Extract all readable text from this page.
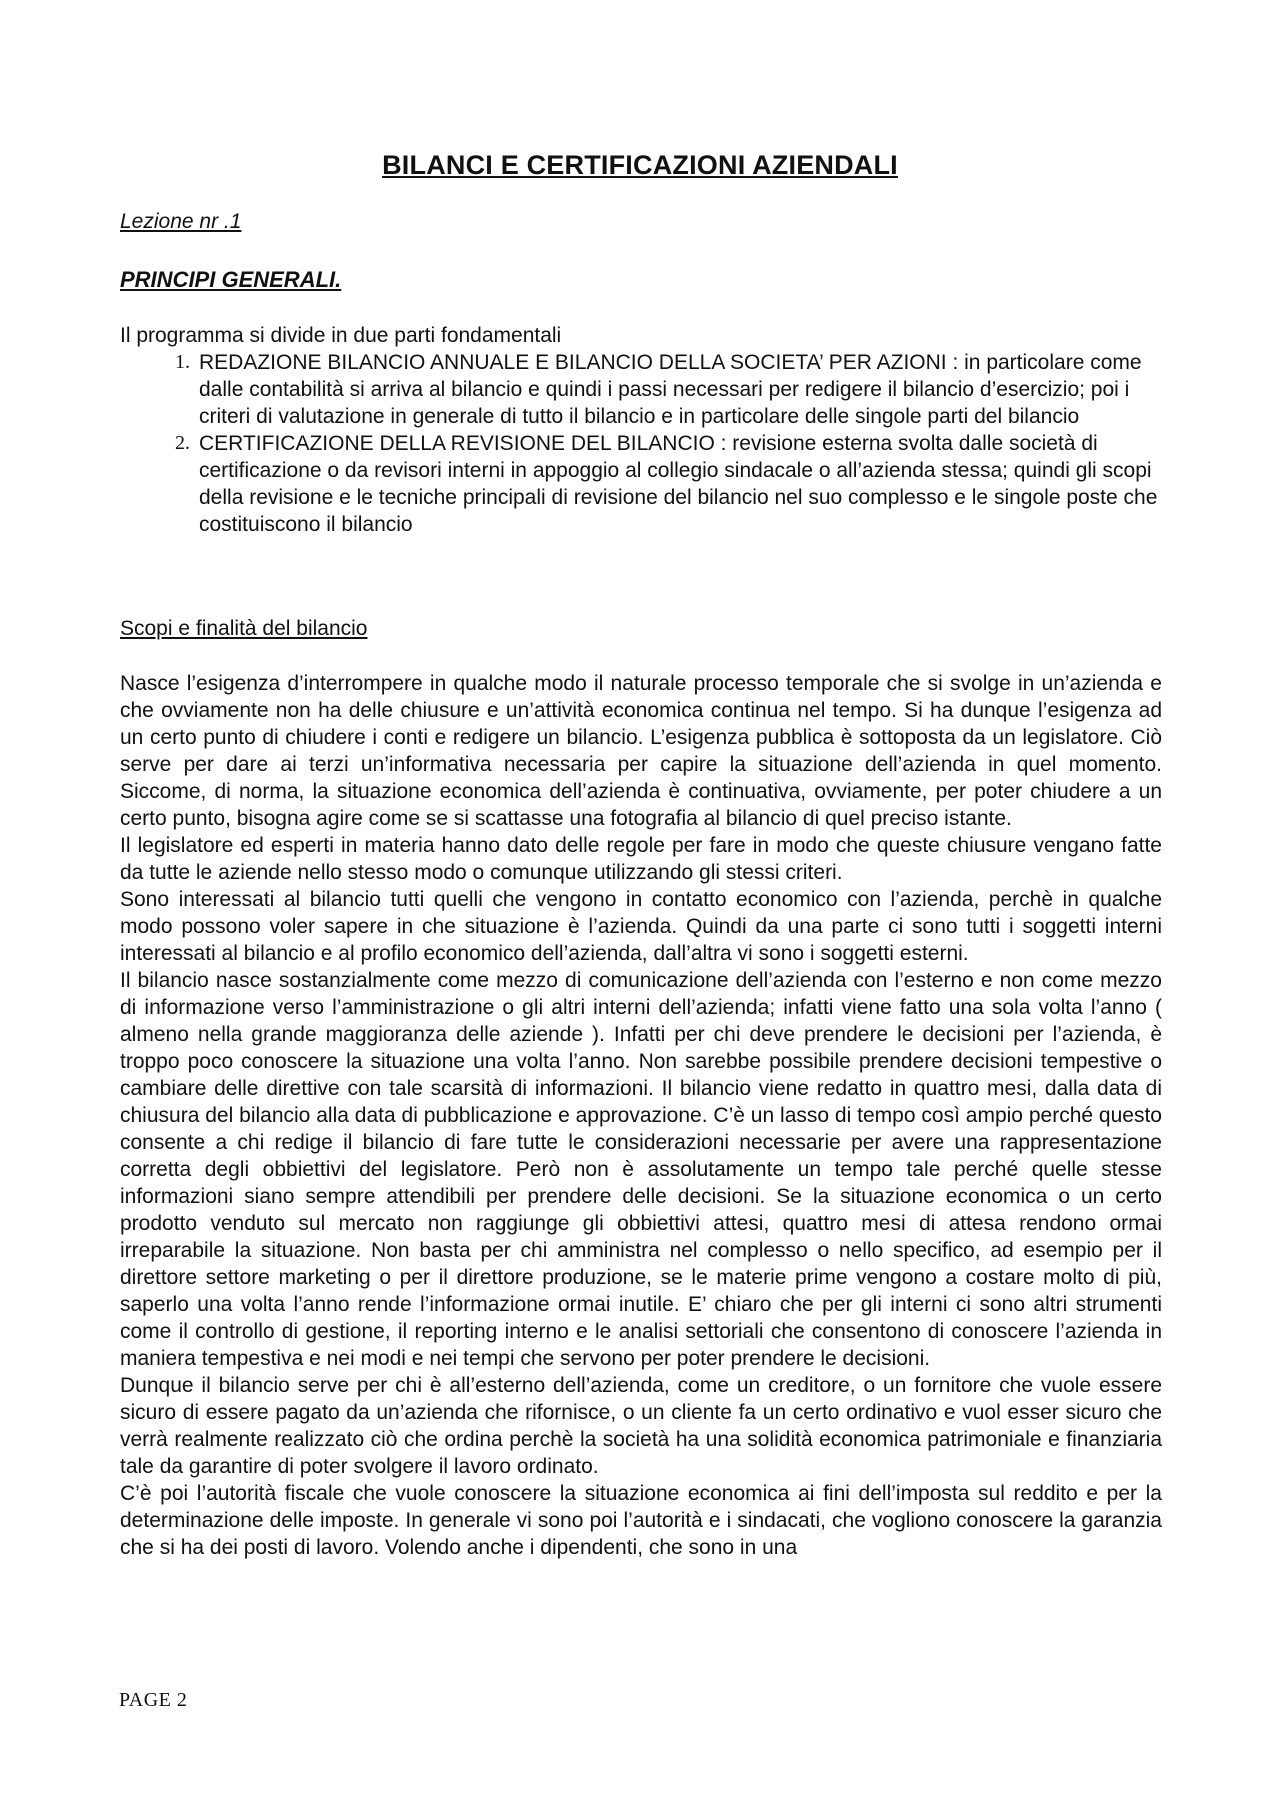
BILANCI E CERTIFICAZIONI AZIENDALI
Lezione nr .1
PRINCIPI GENERALI.
Il programma si divide in due parti fondamentali
1. REDAZIONE BILANCIO ANNUALE E BILANCIO DELLA SOCIETA’ PER AZIONI : in particolare come dalle contabilità si arriva al bilancio e quindi i passi necessari per redigere il bilancio d’esercizio; poi i criteri di valutazione in generale di tutto il bilancio e in particolare delle singole parti del bilancio
2. CERTIFICAZIONE DELLA REVISIONE DEL BILANCIO : revisione esterna svolta dalle società di certificazione o da revisori interni in appoggio al collegio sindacale o all’azienda stessa; quindi gli scopi della revisione e le tecniche principali di revisione del bilancio nel suo complesso e le singole poste che costituiscono il bilancio
Scopi e finalità del bilancio

Nasce l’esigenza d’interrompere in qualche modo il naturale processo temporale che si svolge in un’azienda e che ovviamente non ha delle chiusure e un’attività economica continua nel tempo. Si ha dunque l’esigenza ad un certo punto di chiudere i conti e redigere un bilancio. L’esigenza pubblica è sottoposta da un legislatore. Ciò serve per dare ai terzi un’informativa necessaria per capire la situazione dell’azienda in quel momento. Siccome, di norma, la situazione economica dell’azienda è continuativa, ovviamente, per poter chiudere a un certo punto, bisogna agire come se si scattasse una fotografia al bilancio di quel preciso istante.

Il legislatore ed esperti in materia hanno dato delle regole per fare in modo che queste chiusure vengano fatte da tutte le aziende nello stesso modo o comunque utilizzando gli stessi criteri.

Sono interessati al bilancio tutti quelli che vengono in contatto economico con l’azienda, perchè in qualche modo possono voler sapere in che situazione è l’azienda. Quindi da una parte ci sono tutti i soggetti interni interessati al bilancio e al profilo economico dell’azienda, dall’altra vi sono i soggetti esterni.

Il bilancio nasce sostanzialmente come mezzo di comunicazione dell’azienda con l’esterno e non come mezzo di informazione verso l’amministrazione o gli altri interni dell’azienda; infatti viene fatto una sola volta l’anno ( almeno nella grande maggioranza delle aziende ). Infatti per chi deve prendere le decisioni per l’azienda, è troppo poco conoscere la situazione una volta l’anno. Non sarebbe possibile prendere decisioni tempestive o cambiare delle direttive con tale scarsità di informazioni. Il bilancio viene redatto in quattro mesi, dalla data di chiusura del bilancio alla data di pubblicazione e approvazione. C’è un lasso di tempo così ampio perché questo consente a chi redige il bilancio di fare tutte le considerazioni necessarie per avere una rappresentazione corretta degli obbiettivi del legislatore. Però non è assolutamente un tempo tale perché quelle stesse informazioni siano sempre attendibili per prendere delle decisioni. Se la situazione economica o un certo prodotto venduto sul mercato non raggiunge gli obbiettivi attesi, quattro mesi di attesa rendono ormai irreparabile la situazione. Non basta per chi amministra nel complesso o nello specifico, ad esempio per il direttore settore marketing o per il direttore produzione, se le materie prime vengono a costare molto di più, saperlo una volta l’anno rende l’informazione ormai inutile. E’ chiaro che per gli interni ci sono altri strumenti come il controllo di gestione, il reporting interno e le analisi settoriali che consentono di conoscere l’azienda in maniera tempestiva e nei modi e nei tempi che servono per poter prendere le decisioni.

Dunque il bilancio serve per chi è all’esterno dell’azienda, come un creditore, o un fornitore che vuole essere sicuro di essere pagato da un’azienda che rifornisce, o un cliente fa un certo ordinativo e vuol esser sicuro che verrà realmente realizzato ciò che ordina perchè la società ha una solidità economica patrimoniale e finanziaria tale da garantire di poter svolgere il lavoro ordinato.

C’è poi l’autorità fiscale che vuole conoscere la situazione economica ai fini dell’imposta sul reddito e per la determinazione delle imposte. In generale vi sono poi l’autorità e i sindacati, che vogliono conoscere la garanzia che si ha dei posti di lavoro. Volendo anche i dipendenti, che sono in una

PAGE 2
